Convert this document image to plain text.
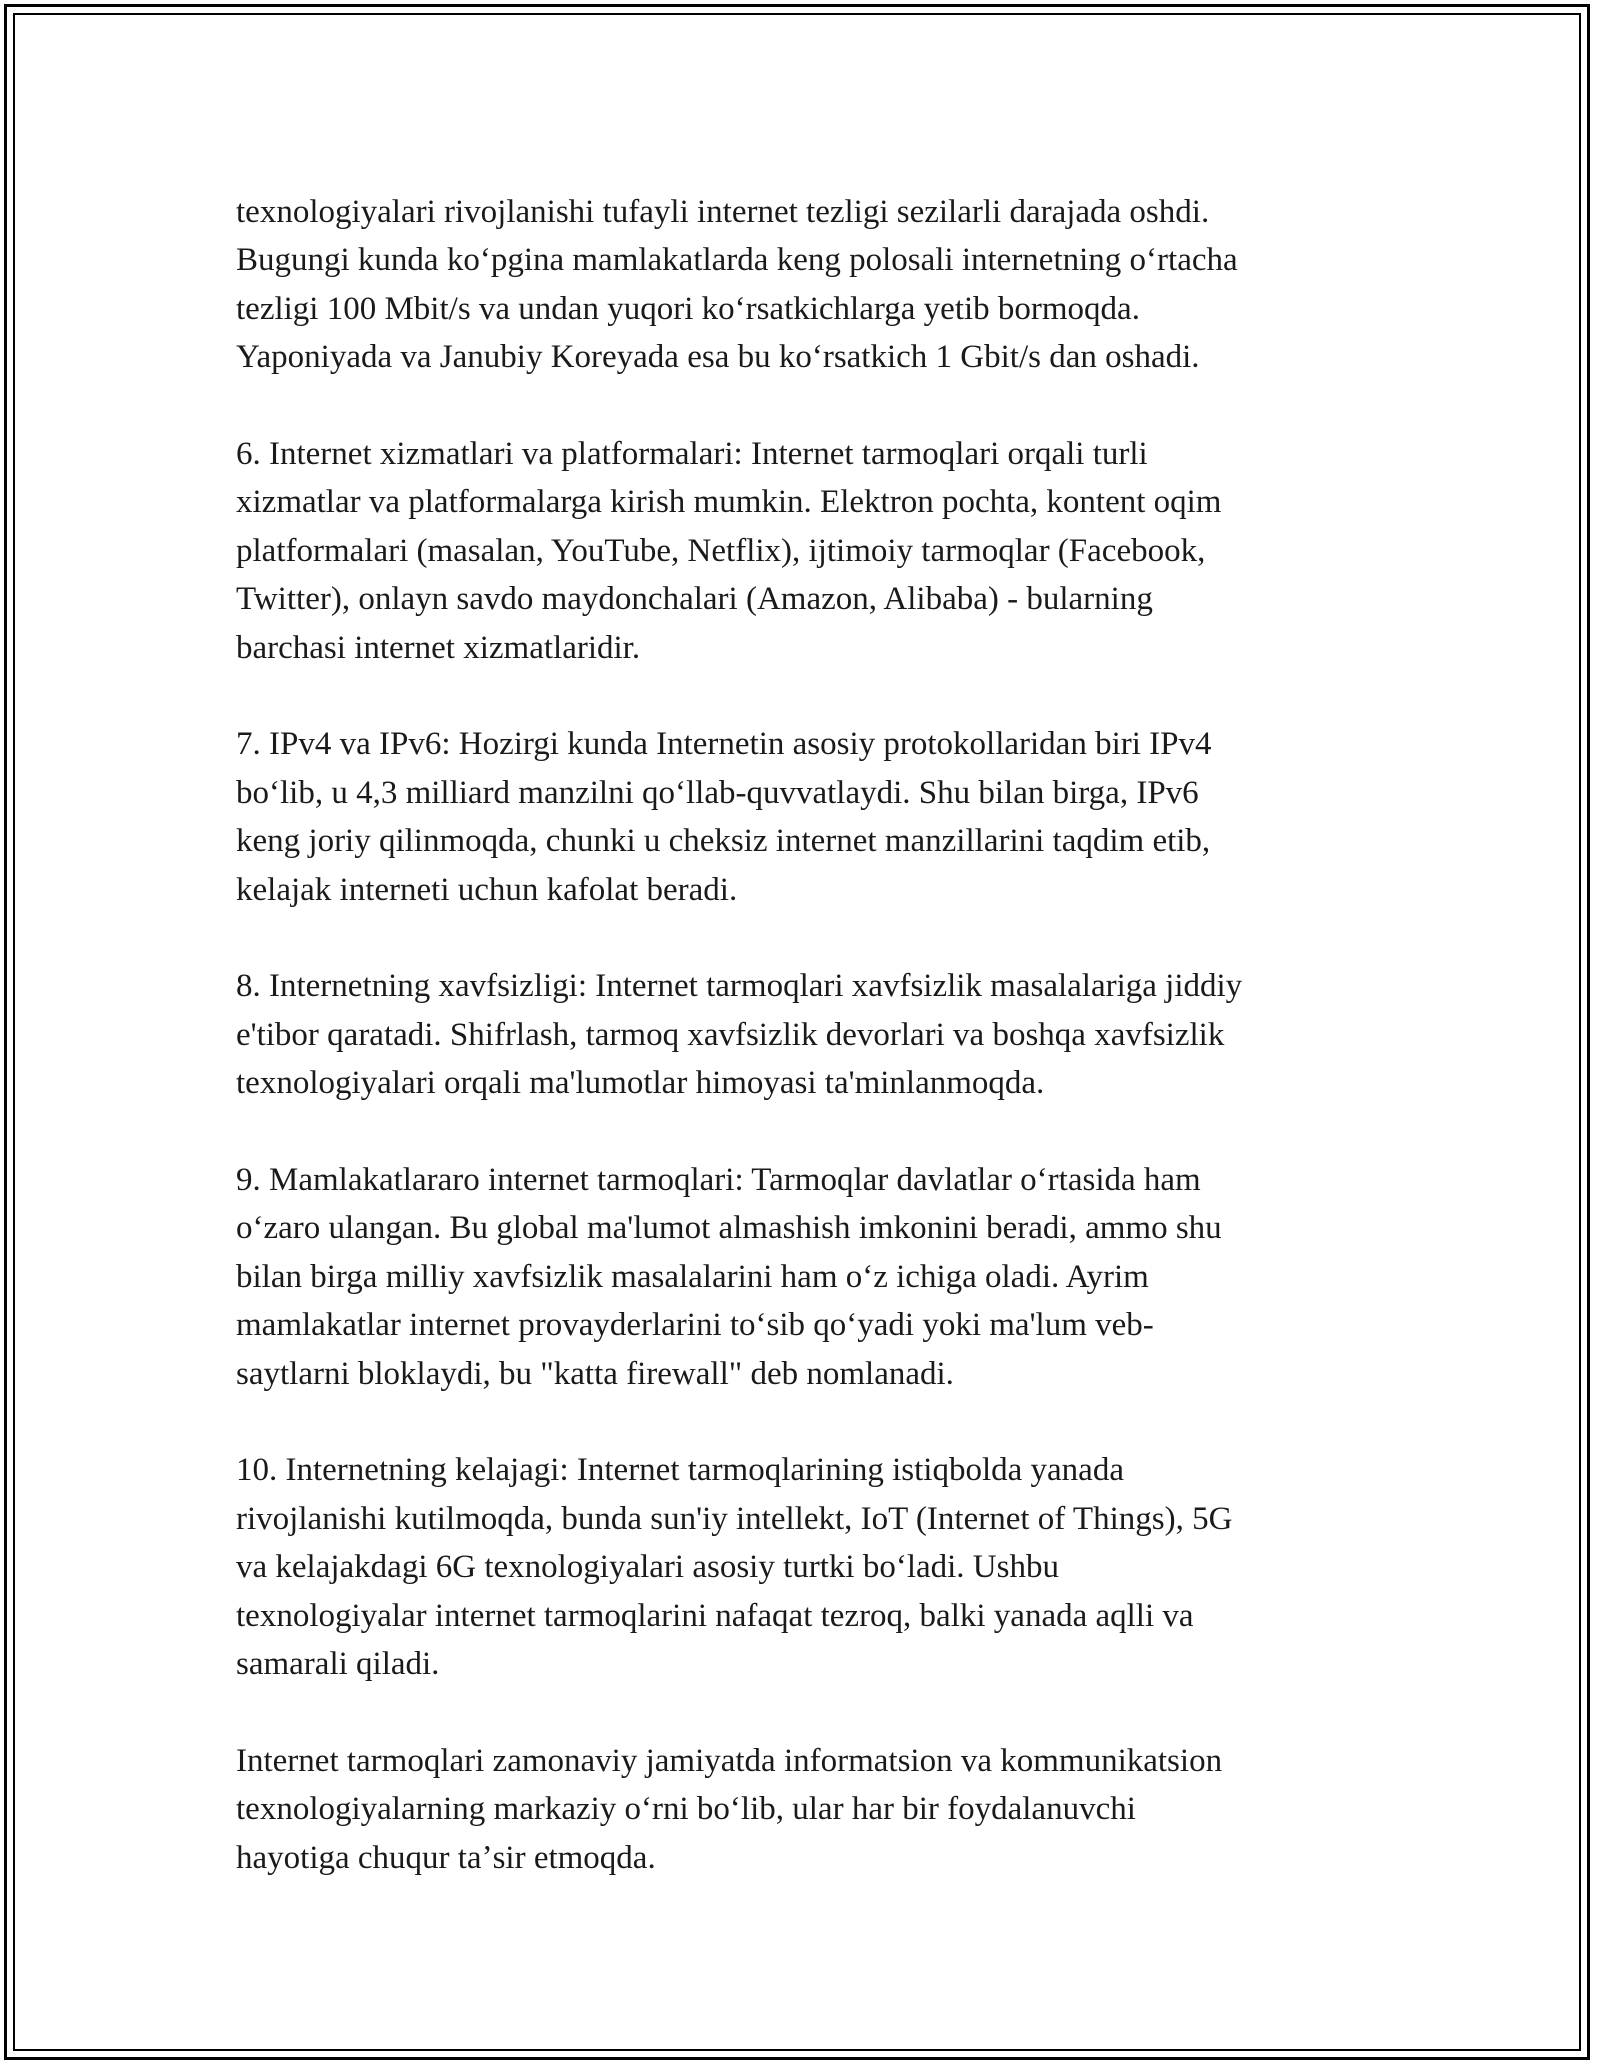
texnologiyalari rivojlanishi tufayli internet tezligi sezilarli darajada oshdi.
Bugungi kunda koʻpgina mamlakatlarda keng polosali internetning oʻrtacha
tezligi 100 Mbit/s va undan yuqori koʻrsatkichlarga yetib bormoqda.
Yaponiyada va Janubiy Koreyada esa bu koʻrsatkich 1 Gbit/s dan oshadi.
6. Internet xizmatlari va platformalari: Internet tarmoqlari orqali turli
xizmatlar va platformalarga kirish mumkin. Elektron pochta, kontent oqim
platformalari (masalan, YouTube, Netflix), ijtimoiy tarmoqlar (Facebook,
Twitter), onlayn savdo maydonchalari (Amazon, Alibaba) - bularning
barchasi internet xizmatlaridir.
7. IPv4 va IPv6: Hozirgi kunda Internetin asosiy protokollaridan biri IPv4
boʻlib, u 4,3 milliard manzilni qoʻllab-quvvatlaydi. Shu bilan birga, IPv6
keng joriy qilinmoqda, chunki u cheksiz internet manzillarini taqdim etib,
kelajak interneti uchun kafolat beradi.
8. Internetning xavfsizligi: Internet tarmoqlari xavfsizlik masalalariga jiddiy
e'tibor qaratadi. Shifrlash, tarmoq xavfsizlik devorlari va boshqa xavfsizlik
texnologiyalari orqali ma'lumotlar himoyasi ta'minlanmoqda.
9. Mamlakatlararo internet tarmoqlari: Tarmoqlar davlatlar oʻrtasida ham
oʻzaro ulangan. Bu global ma'lumot almashish imkonini beradi, ammo shu
bilan birga milliy xavfsizlik masalalarini ham oʻz ichiga oladi. Ayrim
mamlakatlar internet provayderlarini toʻsib qoʻyadi yoki ma'lum veb-
saytlarni bloklaydi, bu "katta firewall" deb nomlanadi.
10. Internetning kelajagi: Internet tarmoqlarining istiqbolda yanada
rivojlanishi kutilmoqda, bunda sun'iy intellekt, IoT (Internet of Things), 5G
va kelajakdagi 6G texnologiyalari asosiy turtki boʻladi. Ushbu
texnologiyalar internet tarmoqlarini nafaqat tezroq, balki yanada aqlli va
samarali qiladi.
Internet tarmoqlari zamonaviy jamiyatda informatsion va kommunikatsion
texnologiyalarning markaziy oʻrni boʻlib, ular har bir foydalanuvchi
hayotiga chuqur taʼsir etmoqda.
